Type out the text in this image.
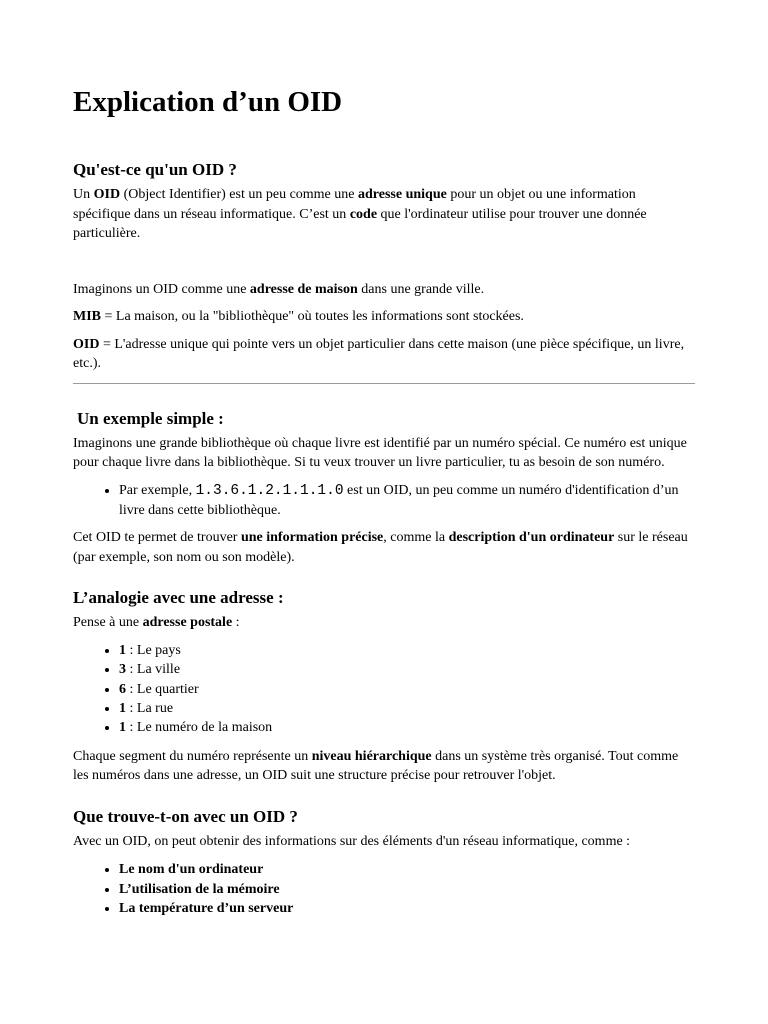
Explication d’un OID
Qu'est-ce qu'un OID ?

Un OID (Object Identifier) est un peu comme une adresse unique pour un objet ou une information spécifique dans un réseau informatique. C’est un code que l'ordinateur utilise pour trouver une donnée particulière.

Imaginons un OID comme une adresse de maison dans une grande ville.

MIB = La maison, ou la "bibliothèque" où toutes les informations sont stockées.

OID = L'adresse unique qui pointe vers un objet particulier dans cette maison (une pièce spécifique, un livre, etc.).

Un exemple simple :

Imaginons une grande bibliothèque où chaque livre est identifié par un numéro spécial. Ce numéro est unique pour chaque livre dans la bibliothèque. Si tu veux trouver un livre particulier, tu as besoin de son numéro.

• Par exemple, 1.3.6.1.2.1.1.1.0 est un OID, un peu comme un numéro d'identification d’un livre dans cette bibliothèque.

Cet OID te permet de trouver une information précise, comme la description d'un ordinateur sur le réseau (par exemple, son nom ou son modèle).

L’analogie avec une adresse :

Pense à une adresse postale :

• 1 : Le pays
• 3 : La ville
• 6 : Le quartier
• 1 : La rue
• 1 : Le numéro de la maison

Chaque segment du numéro représente un niveau hiérarchique dans un système très organisé. Tout comme les numéros dans une adresse, un OID suit une structure précise pour retrouver l'objet.

Que trouve-t-on avec un OID ?

Avec un OID, on peut obtenir des informations sur des éléments d'un réseau informatique, comme :

• Le nom d'un ordinateur
• L’utilisation de la mémoire
• La température d’un serveur
